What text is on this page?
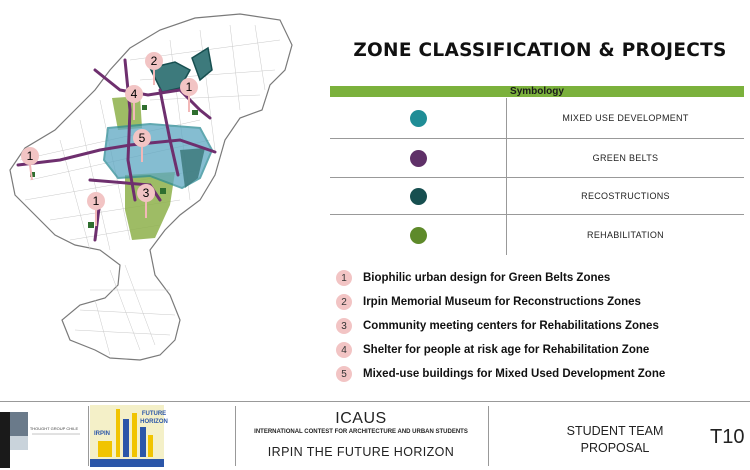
2
4	1
5
1
3
1
ZONE CLASSIFICATION & PROJECTS
Symbology
MIXED USE DEVELOPMENT
GREEN BELTS
RECOSTRUCTIONS
REHABILITATION
1	Biophilic urban design for Green Belts Zones
2	Irpin Memorial Museum for Reconstructions Zones
3	Community meeting centers for Rehabilitations Zones
4	Shelter for people at risk age for Rehabilitation Zone
5	Mixed-use buildings for Mixed Used Development Zone
THOUGHT GROUP CHILE
IRPIN
FUTURE
HORIZON	ICAUS
INTERNATIONAL CONTEST FOR ARCHITECTURE AND URBAN STUDENTS
IRPIN THE FUTURE HORIZON
STUDENT TEAM
PROPOSAL	T10
